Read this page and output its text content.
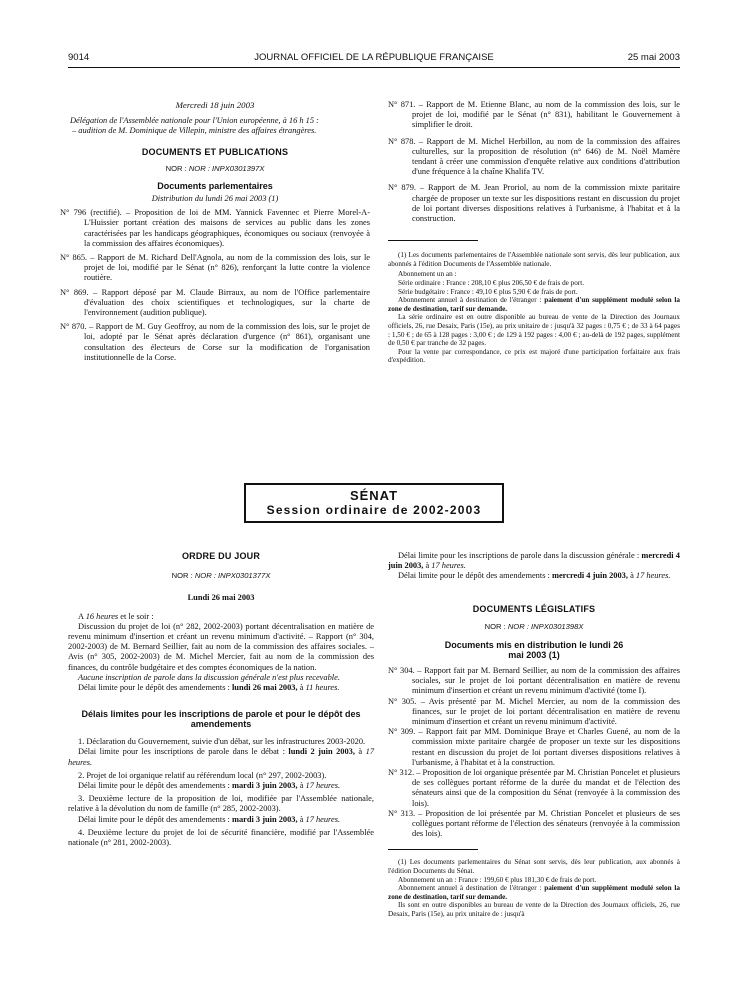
9014	JOURNAL OFFICIEL DE LA RÉPUBLIQUE FRANÇAISE	25 mai 2003

Mercredi 18 juin 2003

Délégation de l'Assemblée nationale pour l'Union européenne, à 16 h 15 :

– audition de M. Dominique de Villepin, ministre des affaires étrangères.

DOCUMENTS ET PUBLICATIONS

NOR : NOR : INPX0301397X

Documents parlementaires

Distribution du lundi 26 mai 2003 (1)

N° 796 (rectifié). – Proposition de loi de MM. Yannick Favennec et Pierre Morel-A-L'Huissier portant création des maisons de services au public dans les zones caractérisées par les handicaps géographiques, économiques ou sociaux (renvoyée à la commission des affaires économiques).

N° 865. – Rapport de M. Richard Dell'Agnola, au nom de la commission des lois, sur le projet de loi, modifié par le Sénat (n° 826), renforçant la lutte contre la violence routière.

N° 869. – Rapport déposé par M. Claude Birraux, au nom de l'Office parlementaire d'évaluation des choix scientifiques et technologiques, sur la charte de l'environnement (audition publique).

N° 870. – Rapport de M. Guy Geoffroy, au nom de la commission des lois, sur le projet de loi, adopté par le Sénat après déclaration d'urgence (n° 861), organisant une consultation des électeurs de Corse sur la modification de l'organisation institutionnelle de la Corse.

N° 871. – Rapport de M. Etienne Blanc, au nom de la commission des lois, sur le projet de loi, modifié par le Sénat (n° 831), habilitant le Gouvernement à simplifier le droit.

N° 878. – Rapport de M. Michel Herbillon, au nom de la commission des affaires culturelles, sur la proposition de résolution (n° 646) de M. Noël Mamère tendant à créer une commission d'enquête relative aux conditions d'attribution d'une fréquence à la chaîne Khalifa TV.

N° 879. – Rapport de M. Jean Proriol, au nom de la commission mixte paritaire chargée de proposer un texte sur les dispositions restant en discussion du projet de loi portant diverses dispositions relatives à l'urbanisme, à l'habitat et à la construction.

(1) Les documents parlementaires de l'Assemblée nationale sont servis, dès leur publication, aux abonnés à l'édition Documents de l'Assemblée nationale.

Abonnement un an :

Série ordinaire : France : 208,10 € plus 206,50 € de frais de port.

Série budgétaire : France : 49,10 € plus 5,90 € de frais de port.

Abonnement annuel à destination de l'étranger : paiement d'un supplément modulé selon la zone de destination, tarif sur demande.

La série ordinaire est en outre disponible au bureau de vente de la Direction des Journaux officiels, 26, rue Desaix, Paris (15e), au prix unitaire de : jusqu'à 32 pages : 0,75 € ; de 33 à 64 pages : 1,50 € ; de 65 à 128 pages : 3,00 € ; de 129 à 192 pages : 4,00 € ; au-delà de 192 pages, supplément de 0,50 € par tranche de 32 pages.

Pour la vente par correspondance, ce prix est majoré d'une participation forfaitaire aux frais d'expédition.

SÉNAT
Session ordinaire de 2002-2003

ORDRE DU JOUR

NOR : NOR : INPX0301377X

Lundi 26 mai 2003

A 16 heures et le soir :

Discussion du projet de loi (n° 282, 2002-2003) portant décentralisation en matière de revenu minimum d'insertion et créant un revenu minimum d'activité. – Rapport (n° 304, 2002-2003) de M. Bernard Seillier, fait au nom de la commission des affaires sociales. – Avis (n° 305, 2002-2003) de M. Michel Mercier, fait au nom de la commission des finances, du contrôle budgétaire et des comptes économiques de la nation.

Aucune inscription de parole dans la discussion générale n'est plus recevable.

Délai limite pour le dépôt des amendements : lundi 26 mai 2003, à 11 heures.

Délais limites pour les inscriptions de parole et pour le dépôt des amendements

1. Déclaration du Gouvernement, suivie d'un débat, sur les infrastructures 2003-2020.

Délai limite pour les inscriptions de parole dans le débat : lundi 2 juin 2003, à 17 heures.

2. Projet de loi organique relatif au référendum local (n° 297, 2002-2003).

Délai limite pour le dépôt des amendements : mardi 3 juin 2003, à 17 heures.

3. Deuxième lecture de la proposition de loi, modifiée par l'Assemblée nationale, relative à la dévolution du nom de famille (n° 285, 2002-2003).

Délai limite pour le dépôt des amendements : mardi 3 juin 2003, à 17 heures.

4. Deuxième lecture du projet de loi de sécurité financière, modifié par l'Assemblée nationale (n° 281, 2002-2003).

Délai limite pour les inscriptions de parole dans la discussion générale : mercredi 4 juin 2003, à 17 heures.

Délai limite pour le dépôt des amendements : mercredi 4 juin 2003, à 17 heures.

DOCUMENTS LÉGISLATIFS

NOR : NOR : INPX0301398X

Documents mis en distribution le lundi 26 mai 2003 (1)

N° 304. – Rapport fait par M. Bernard Seillier, au nom de la commission des affaires sociales, sur le projet de loi portant décentralisation en matière de revenu minimum d'insertion et créant un revenu minimum d'activité (tome I).

N° 305. – Avis présenté par M. Michel Mercier, au nom de la commission des finances, sur le projet de loi portant décentralisation en matière de revenu minimum d'insertion et créant un revenu minimum d'activité.

N° 309. – Rapport fait par MM. Dominique Braye et Charles Guené, au nom de la commission mixte paritaire chargée de proposer un texte sur les dispositions restant en discussion du projet de loi portant diverses dispositions relatives à l'urbanisme, à l'habitat et à la construction.

N° 312. – Proposition de loi organique présentée par M. Christian Poncelet et plusieurs de ses collègues portant réforme de la durée du mandat et de l'élection des sénateurs ainsi que de la composition du Sénat (renvoyée à la commission des lois).

N° 313. – Proposition de loi présentée par M. Christian Poncelet et plusieurs de ses collègues portant réforme de l'élection des sénateurs (renvoyée à la commission des lois).

(1) Les documents parlementaires du Sénat sont servis, dès leur publication, aux abonnés à l'édition Documents du Sénat.

Abonnement un an : France : 199,60 € plus 181,30 € de frais de port.

Abonnement annuel à destination de l'étranger : paiement d'un supplément modulé selon la zone de destination, tarif sur demande.

Ils sont en outre disponibles au bureau de vente de la Direction des Journaux officiels, 26, rue Desaix, Paris (15e), au prix unitaire de : jusqu'à
